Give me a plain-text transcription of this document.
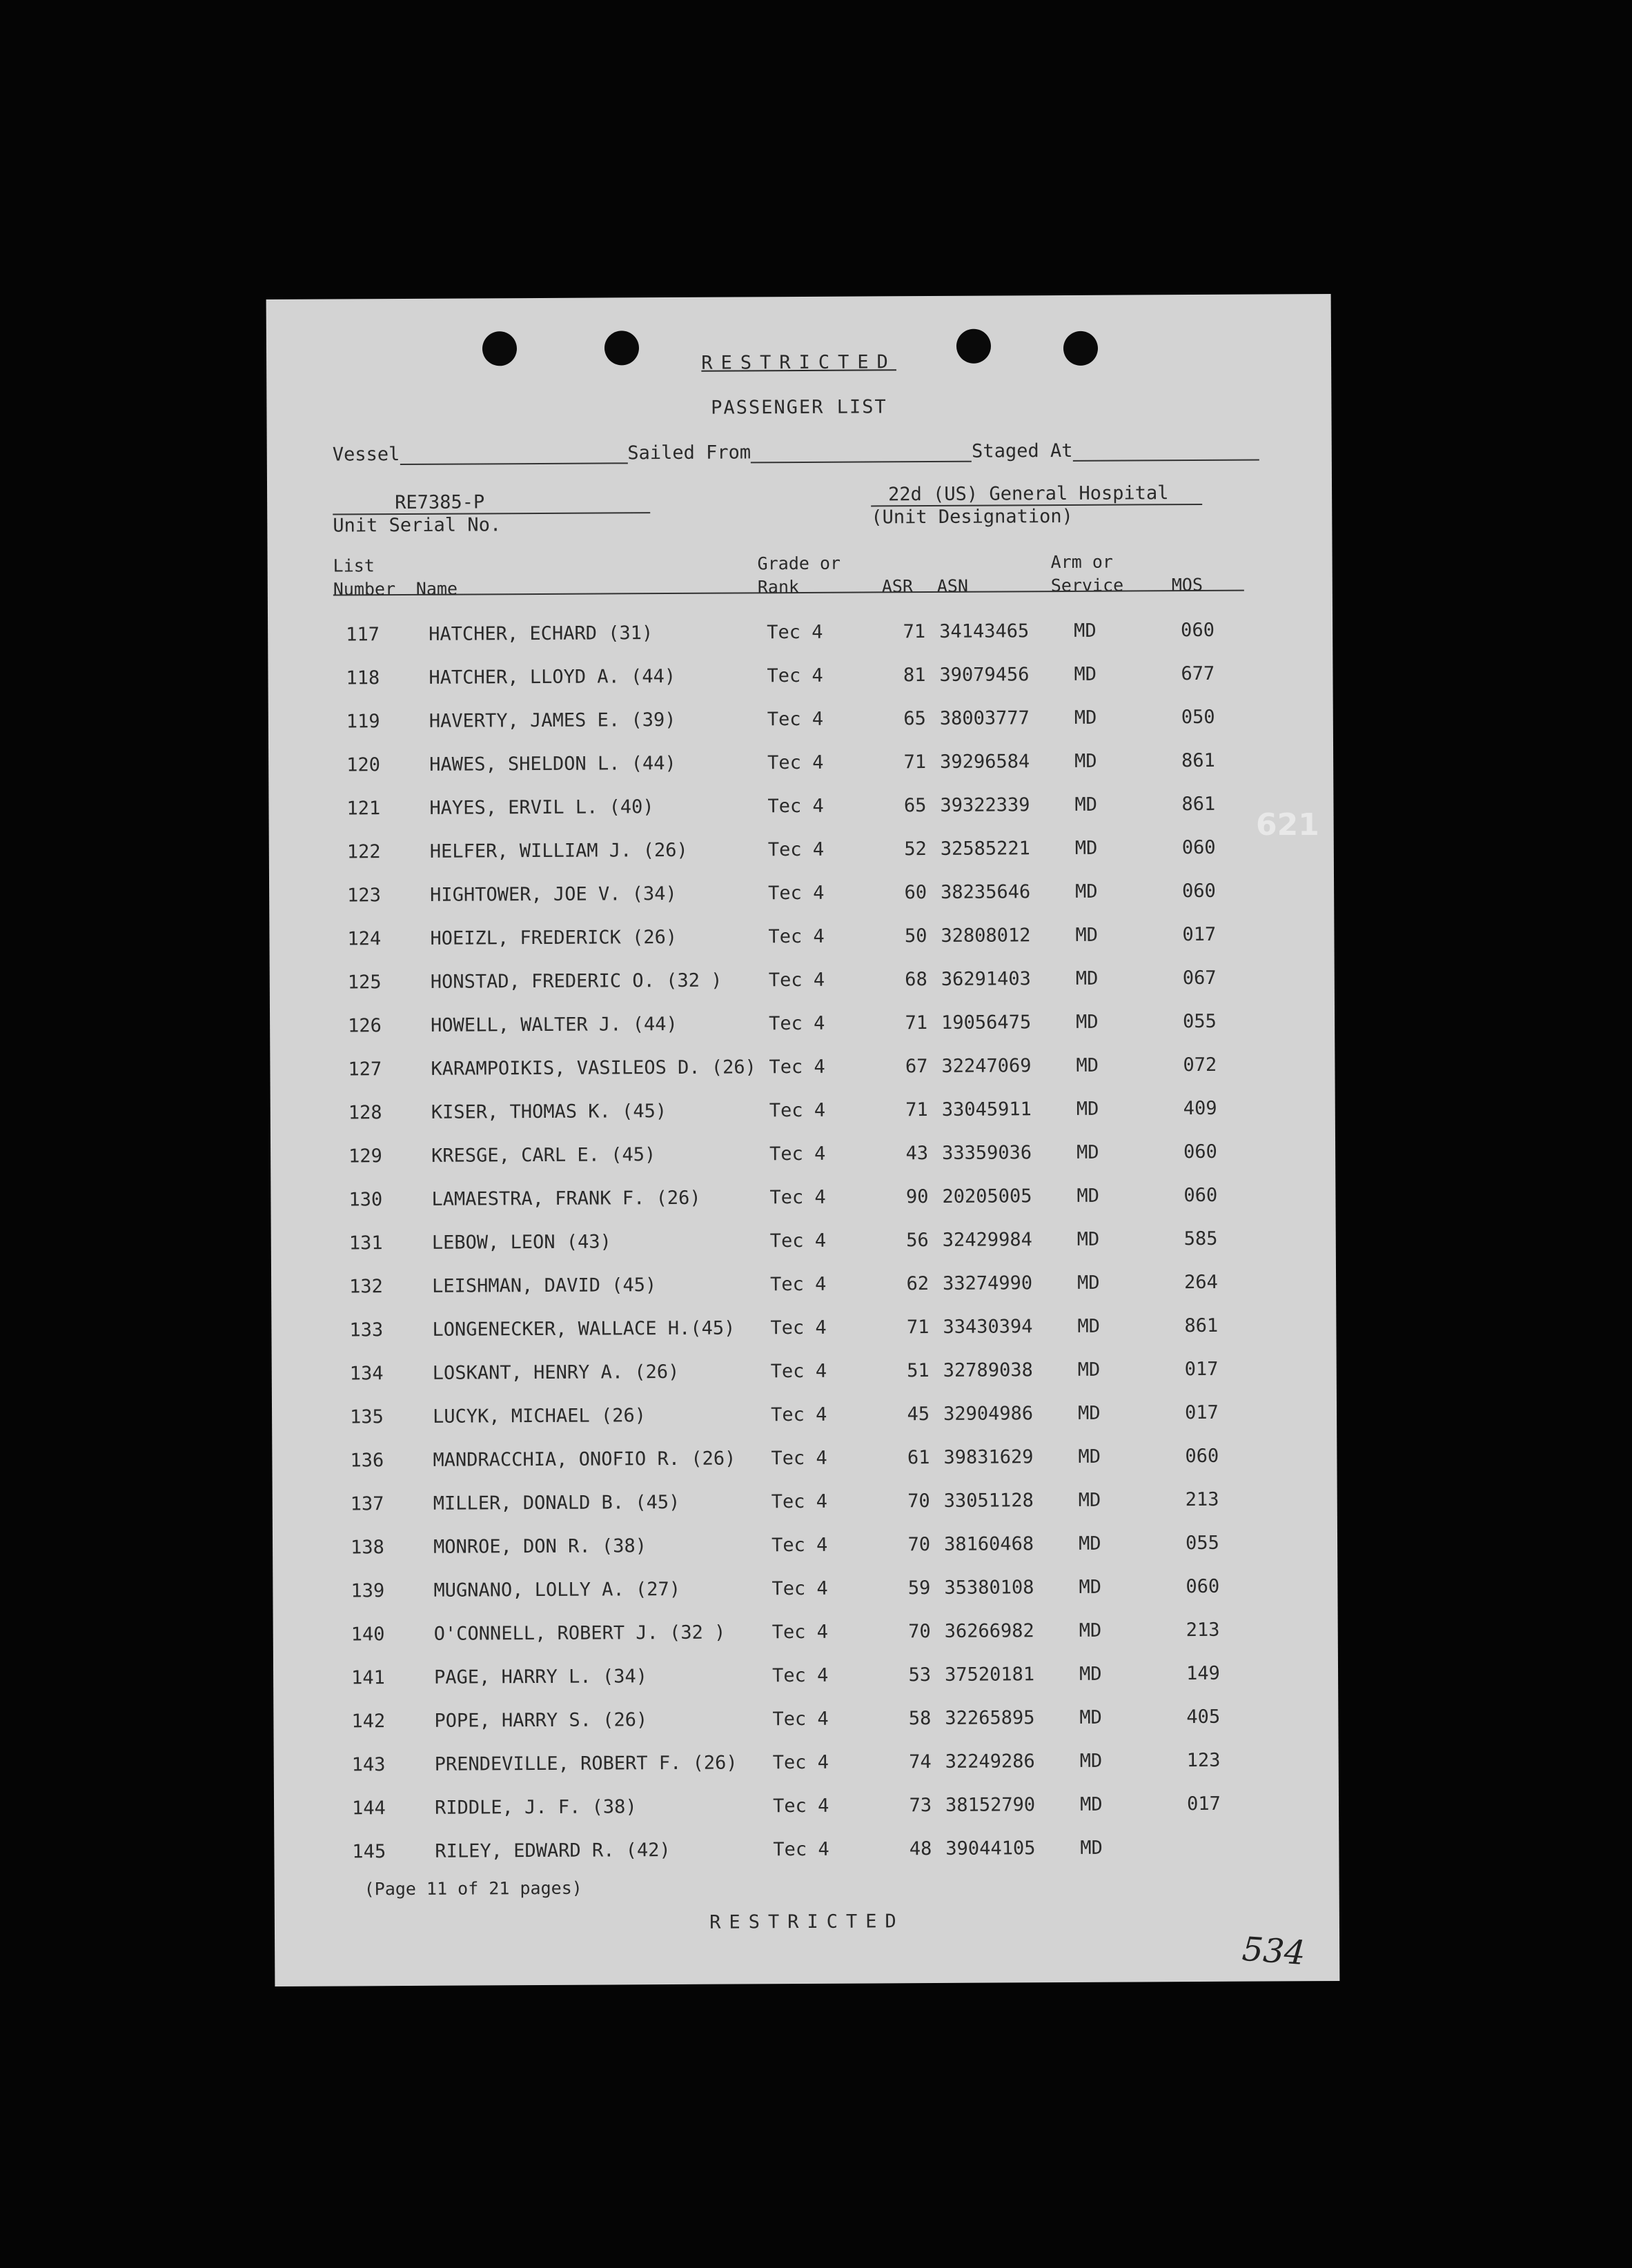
RESTRICTED
PASSENGER LIST
Vessel	Sailed From	Staged At
RE7385-P
Unit Serial No.
22d (US) General Hospital
(Unit Designation)
List
Number Name
Grade or
Rank	ASR ASN
Arm or
Service	MOS
117	HATCHER, ECHARD (31)	Tec 4	71	34143465	MD	060
118	HATCHER, LLOYD A. (44)	Tec 4	81	39079456	MD	677
119	HAVERTY, JAMES E. (39)	Tec 4	65	38003777	MD	050
120	HAWES, SHELDON L. (44)	Tec 4	71	39296584	MD	861
121	HAYES, ERVIL L. (40)	Tec 4	65	39322339	MD	861
122	HELFER, WILLIAM J. (26)	Tec 4	52	32585221	MD	060
123	HIGHTOWER, JOE V. (34)	Tec 4	60	38235646	MD	060
124	HOEIZL, FREDERICK (26)	Tec 4	50	32808012	MD	017
125	HONSTAD, FREDERIC O. (32 )	Tec 4	68	36291403	MD	067
126	HOWELL, WALTER J. (44)	Tec 4	71	19056475	MD	055
127	KARAMPOIKIS, VASILEOS D. (26)	Tec 4	67	32247069	MD	072
128	KISER, THOMAS K. (45)	Tec 4	71	33045911	MD	409
129	KRESGE, CARL E. (45)	Tec 4	43	33359036	MD	060
130	LAMAESTRA, FRANK F. (26)	Tec 4	90	20205005	MD	060
131	LEBOW, LEON (43)	Tec 4	56	32429984	MD	585
132	LEISHMAN, DAVID (45)	Tec 4	62	33274990	MD	264
133	LONGENECKER, WALLACE H.(45)	Tec 4	71	33430394	MD	861
134	LOSKANT, HENRY A. (26)	Tec 4	51	32789038	MD	017
135	LUCYK, MICHAEL (26)	Tec 4	45	32904986	MD	017
136	MANDRACCHIA, ONOFIO R. (26)	Tec 4	61	39831629	MD	060
137	MILLER, DONALD B. (45)	Tec 4	70	33051128	MD	213
138	MONROE, DON R. (38)	Tec 4	70	38160468	MD	055
139	MUGNANO, LOLLY A. (27)	Tec 4	59	35380108	MD	060
140	O'CONNELL, ROBERT J. (32 )	Tec 4	70	36266982	MD	213
141	PAGE, HARRY L. (34)	Tec 4	53	37520181	MD	149
142	POPE, HARRY S. (26)	Tec 4	58	32265895	MD	405
143	PRENDEVILLE, ROBERT F. (26)	Tec 4	74	32249286	MD	123
144	RIDDLE, J. F. (38)	Tec 4	73	38152790	MD	017
145	RILEY, EDWARD R. (42)	Tec 4	48	39044105	MD	
(Page 11 of 21 pages)
RESTRICTED
621
534
